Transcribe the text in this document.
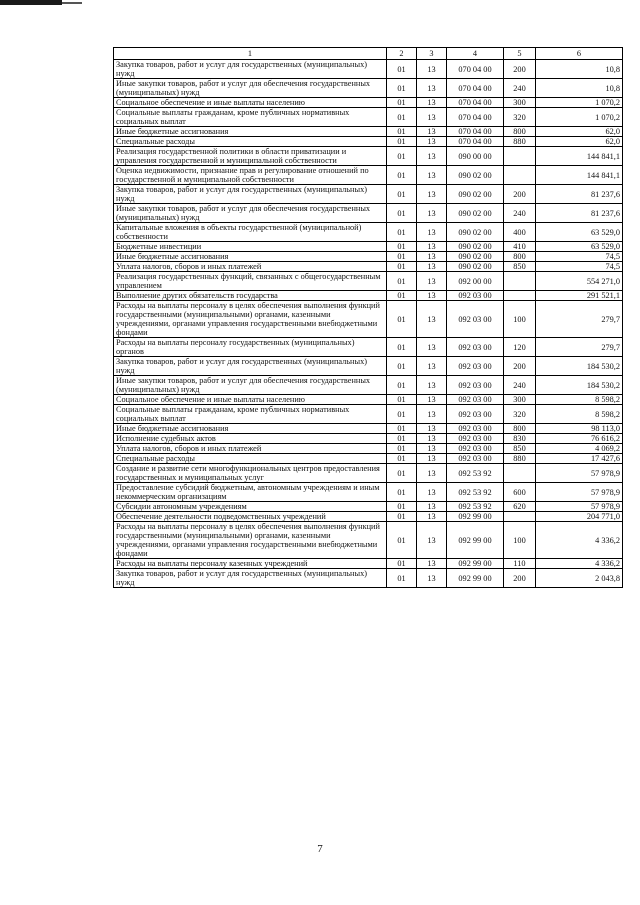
1	2	3	4	5	6
Закупка товаров, работ и услуг для государственных (муниципальных) нужд	01	13	070 04 00	200	10,8
Иные закупки товаров, работ и услуг для обеспечения государственных (муниципальных) нужд	01	13	070 04 00	240	10,8
Социальное обеспечение и иные выплаты населению	01	13	070 04 00	300	1 070,2
Социальные выплаты гражданам, кроме публичных нормативных социальных выплат	01	13	070 04 00	320	1 070,2
Иные бюджетные ассигнования	01	13	070 04 00	800	62,0
Специальные расходы	01	13	070 04 00	880	62,0
Реализация государственной политики в области приватизации и управления государственной и муниципальной собственности	01	13	090 00 00		144 841,1
Оценка недвижимости, признание прав и регулирование отношений по государственной и муниципальной собственности	01	13	090 02 00		144 841,1
Закупка товаров, работ и услуг для государственных (муниципальных) нужд	01	13	090 02 00	200	81 237,6
Иные закупки товаров, работ и услуг для обеспечения государственных (муниципальных) нужд	01	13	090 02 00	240	81 237,6
Капитальные вложения в объекты государственной (муниципальной) собственности	01	13	090 02 00	400	63 529,0
Бюджетные инвестиции	01	13	090 02 00	410	63 529,0
Иные бюджетные ассигнования	01	13	090 02 00	800	74,5
Уплата налогов, сборов и иных платежей	01	13	090 02 00	850	74,5
Реализация государственных функций, связанных с общегосударственным управлением	01	13	092 00 00		554 271,0
Выполнение других обязательств государства	01	13	092 03 00		291 521,1
Расходы на выплаты персоналу в целях обеспечения выполнения функций государственными (муниципальными) органами, казенными учреждениями, органами управления государственными внебюджетными фондами	01	13	092 03 00	100	279,7
Расходы на выплаты персоналу государственных (муниципальных) органов	01	13	092 03 00	120	279,7
Закупка товаров, работ и услуг для государственных (муниципальных) нужд	01	13	092 03 00	200	184 530,2
Иные закупки товаров, работ и услуг для обеспечения государственных (муниципальных) нужд	01	13	092 03 00	240	184 530,2
Социальное обеспечение и иные выплаты населению	01	13	092 03 00	300	8 598,2
Социальные выплаты гражданам, кроме публичных нормативных социальных выплат	01	13	092 03 00	320	8 598,2
Иные бюджетные ассигнования	01	13	092 03 00	800	98 113,0
Исполнение судебных актов	01	13	092 03 00	830	76 616,2
Уплата налогов, сборов и иных платежей	01	13	092 03 00	850	4 069,2
Специальные расходы	01	13	092 03 00	880	17 427,6
Создание и развитие сети многофункциональных центров предоставления государственных и муниципальных услуг	01	13	092 53 92		57 978,9
Предоставление субсидий бюджетным, автономным учреждениям и иным некоммерческим организациям	01	13	092 53 92	600	57 978,9
Субсидии автономным учреждениям	01	13	092 53 92	620	57 978,9
Обеспечение деятельности подведомственных учреждений	01	13	092 99 00		204 771,0
Расходы на выплаты персоналу в целях обеспечения выполнения функций государственными (муниципальными) органами, казенными учреждениями, органами управления государственными внебюджетными фондами	01	13	092 99 00	100	4 336,2
Расходы на выплаты персоналу казенных учреждений	01	13	092 99 00	110	4 336,2
Закупка товаров, работ и услуг для государственных (муниципальных) нужд	01	13	092 99 00	200	2 043,8
7
